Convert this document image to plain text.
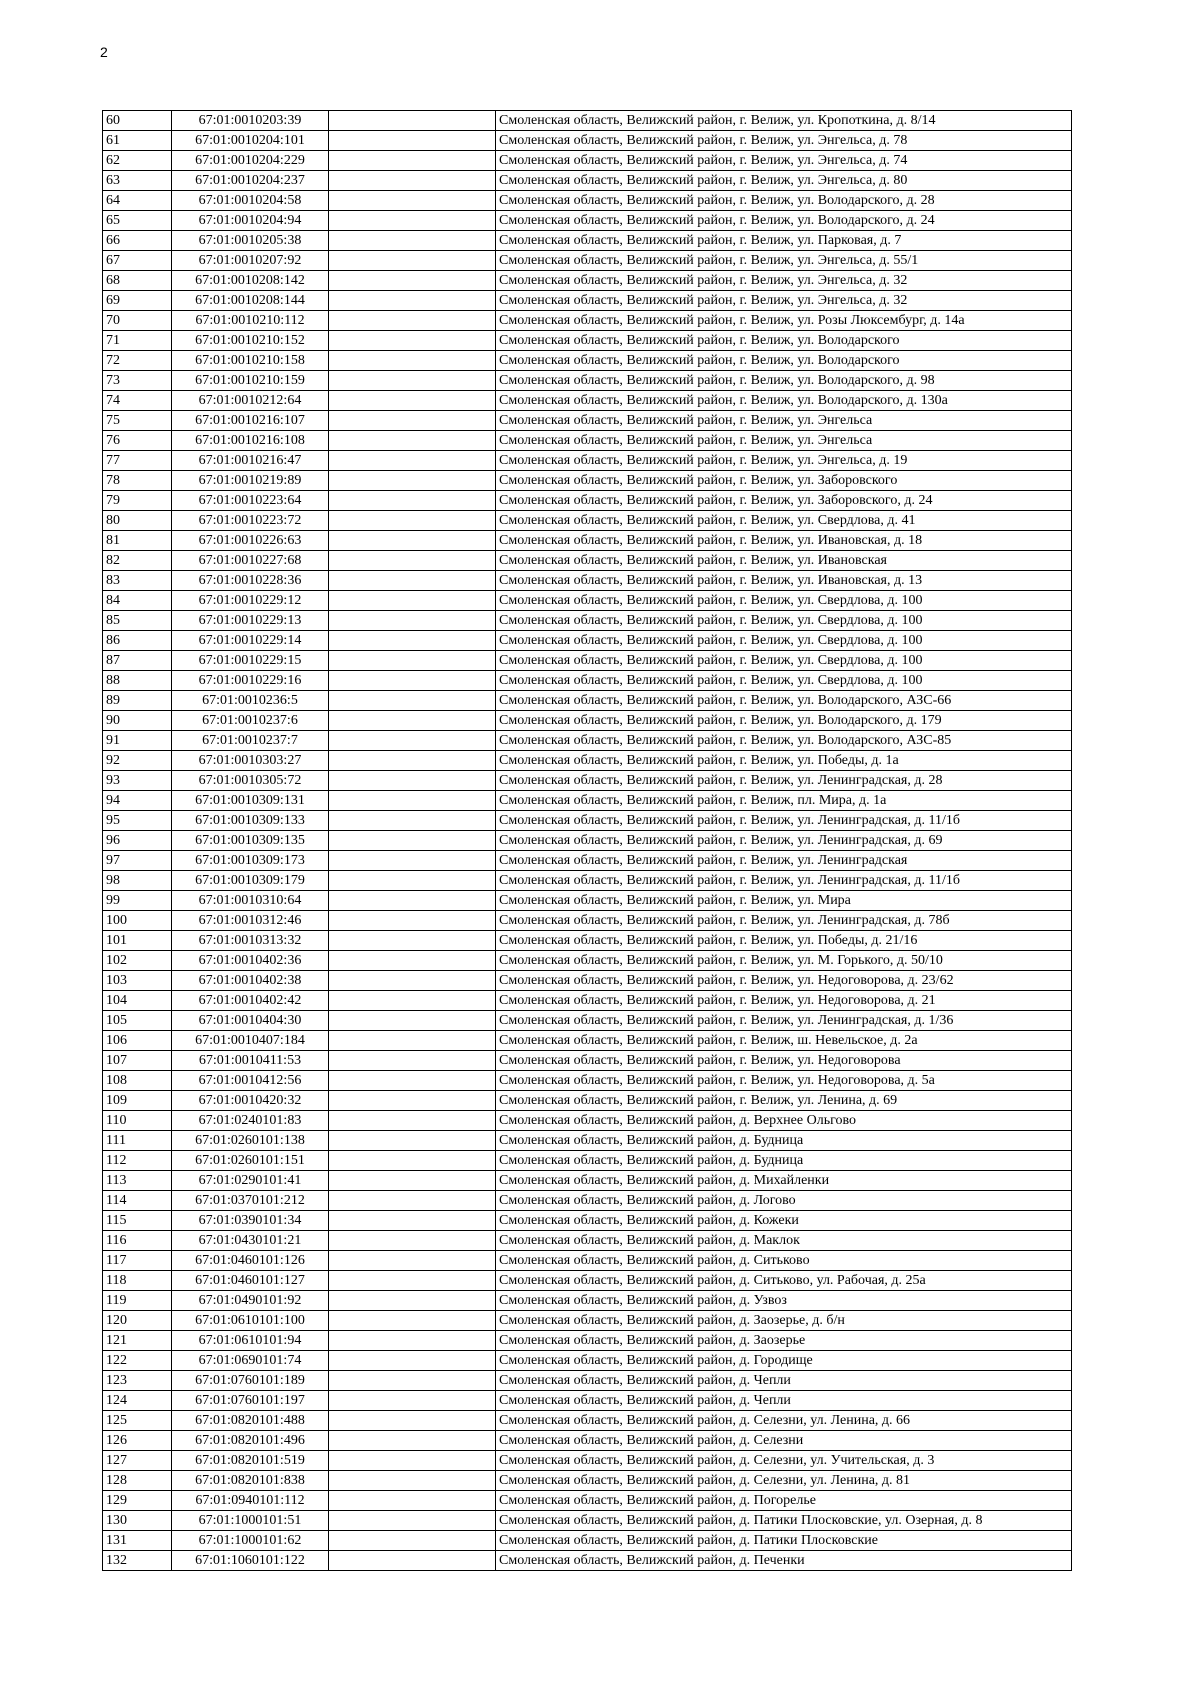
2
60	67:01:0010203:39		Смоленская область, Велижский район, г. Велиж, ул. Кропоткина, д. 8/14
61	67:01:0010204:101		Смоленская область, Велижский район, г. Велиж, ул. Энгельса, д. 78
62	67:01:0010204:229		Смоленская область, Велижский район, г. Велиж, ул. Энгельса, д. 74
63	67:01:0010204:237		Смоленская область, Велижский район, г. Велиж, ул. Энгельса, д. 80
64	67:01:0010204:58		Смоленская область, Велижский район, г. Велиж, ул. Володарского, д. 28
65	67:01:0010204:94		Смоленская область, Велижский район, г. Велиж, ул. Володарского, д. 24
66	67:01:0010205:38		Смоленская область, Велижский район, г. Велиж, ул. Парковая, д. 7
67	67:01:0010207:92		Смоленская область, Велижский район, г. Велиж, ул. Энгельса, д. 55/1
68	67:01:0010208:142		Смоленская область, Велижский район, г. Велиж, ул. Энгельса, д. 32
69	67:01:0010208:144		Смоленская область, Велижский район, г. Велиж, ул. Энгельса, д. 32
70	67:01:0010210:112		Смоленская область, Велижский район, г. Велиж, ул. Розы Люксембург, д. 14а
71	67:01:0010210:152		Смоленская область, Велижский район, г. Велиж, ул. Володарского
72	67:01:0010210:158		Смоленская область, Велижский район, г. Велиж, ул. Володарского
73	67:01:0010210:159		Смоленская область, Велижский район, г. Велиж, ул. Володарского, д. 98
74	67:01:0010212:64		Смоленская область, Велижский район, г. Велиж, ул. Володарского, д. 130а
75	67:01:0010216:107		Смоленская область, Велижский район, г. Велиж, ул. Энгельса
76	67:01:0010216:108		Смоленская область, Велижский район, г. Велиж, ул. Энгельса
77	67:01:0010216:47		Смоленская область, Велижский район, г. Велиж, ул. Энгельса, д. 19
78	67:01:0010219:89		Смоленская область, Велижский район, г. Велиж, ул. Заборовского
79	67:01:0010223:64		Смоленская область, Велижский район, г. Велиж, ул. Заборовского, д. 24
80	67:01:0010223:72		Смоленская область, Велижский район, г. Велиж, ул. Свердлова, д. 41
81	67:01:0010226:63		Смоленская область, Велижский район, г. Велиж, ул. Ивановская, д. 18
82	67:01:0010227:68		Смоленская область, Велижский район, г. Велиж, ул. Ивановская
83	67:01:0010228:36		Смоленская область, Велижский район, г. Велиж, ул. Ивановская, д. 13
84	67:01:0010229:12		Смоленская область, Велижский район, г. Велиж, ул. Свердлова, д. 100
85	67:01:0010229:13		Смоленская область, Велижский район, г. Велиж, ул. Свердлова, д. 100
86	67:01:0010229:14		Смоленская область, Велижский район, г. Велиж, ул. Свердлова, д. 100
87	67:01:0010229:15		Смоленская область, Велижский район, г. Велиж, ул. Свердлова, д. 100
88	67:01:0010229:16		Смоленская область, Велижский район, г. Велиж, ул. Свердлова, д. 100
89	67:01:0010236:5		Смоленская область, Велижский район, г. Велиж, ул. Володарского, АЗС-66
90	67:01:0010237:6		Смоленская область, Велижский район, г. Велиж, ул. Володарского, д. 179
91	67:01:0010237:7		Смоленская область, Велижский район, г. Велиж, ул. Володарского, АЗС-85
92	67:01:0010303:27		Смоленская область, Велижский район, г. Велиж, ул. Победы, д. 1а
93	67:01:0010305:72		Смоленская область, Велижский район, г. Велиж, ул. Ленинградская, д. 28
94	67:01:0010309:131		Смоленская область, Велижский район, г. Велиж, пл. Мира, д. 1а
95	67:01:0010309:133		Смоленская область, Велижский район, г. Велиж, ул. Ленинградская, д. 11/1б
96	67:01:0010309:135		Смоленская область, Велижский район, г. Велиж, ул. Ленинградская, д. 69
97	67:01:0010309:173		Смоленская область, Велижский район, г. Велиж, ул. Ленинградская
98	67:01:0010309:179		Смоленская область, Велижский район, г. Велиж, ул. Ленинградская, д. 11/1б
99	67:01:0010310:64		Смоленская область, Велижский район, г. Велиж, ул. Мира
100	67:01:0010312:46		Смоленская область, Велижский район, г. Велиж, ул. Ленинградская, д. 78б
101	67:01:0010313:32		Смоленская область, Велижский район, г. Велиж, ул. Победы, д. 21/16
102	67:01:0010402:36		Смоленская область, Велижский район, г. Велиж, ул. М. Горького, д. 50/10
103	67:01:0010402:38		Смоленская область, Велижский район, г. Велиж, ул. Недоговорова, д. 23/62
104	67:01:0010402:42		Смоленская область, Велижский район, г. Велиж, ул. Недоговорова, д. 21
105	67:01:0010404:30		Смоленская область, Велижский район, г. Велиж, ул. Ленинградская, д. 1/36
106	67:01:0010407:184		Смоленская область, Велижский район, г. Велиж, ш. Невельское, д. 2а
107	67:01:0010411:53		Смоленская область, Велижский район, г. Велиж, ул. Недоговорова
108	67:01:0010412:56		Смоленская область, Велижский район, г. Велиж, ул. Недоговорова, д. 5а
109	67:01:0010420:32		Смоленская область, Велижский район, г. Велиж, ул. Ленина, д. 69
110	67:01:0240101:83		Смоленская область, Велижский район, д. Верхнее Ольгово
111	67:01:0260101:138		Смоленская область, Велижский район, д. Будница
112	67:01:0260101:151		Смоленская область, Велижский район, д. Будница
113	67:01:0290101:41		Смоленская область, Велижский район, д. Михайленки
114	67:01:0370101:212		Смоленская область, Велижский район, д. Логово
115	67:01:0390101:34		Смоленская область, Велижский район, д. Кожеки
116	67:01:0430101:21		Смоленская область, Велижский район, д. Маклок
117	67:01:0460101:126		Смоленская область, Велижский район, д. Ситьково
118	67:01:0460101:127		Смоленская область, Велижский район, д. Ситьково, ул. Рабочая, д. 25а
119	67:01:0490101:92		Смоленская область, Велижский район, д. Узвоз
120	67:01:0610101:100		Смоленская область, Велижский район, д. Заозерье, д. б/н
121	67:01:0610101:94		Смоленская область, Велижский район, д. Заозерье
122	67:01:0690101:74		Смоленская область, Велижский район, д. Городище
123	67:01:0760101:189		Смоленская область, Велижский район, д. Чепли
124	67:01:0760101:197		Смоленская область, Велижский район, д. Чепли
125	67:01:0820101:488		Смоленская область, Велижский район, д. Селезни, ул. Ленина, д. 66
126	67:01:0820101:496		Смоленская область, Велижский район, д. Селезни
127	67:01:0820101:519		Смоленская область, Велижский район, д. Селезни, ул. Учительская, д. 3
128	67:01:0820101:838		Смоленская область, Велижский район, д. Селезни, ул. Ленина, д. 81
129	67:01:0940101:112		Смоленская область, Велижский район, д. Погорелье
130	67:01:1000101:51		Смоленская область, Велижский район, д. Патики Плосковские, ул. Озерная, д. 8
131	67:01:1000101:62		Смоленская область, Велижский район, д. Патики Плосковские
132	67:01:1060101:122		Смоленская область, Велижский район, д. Печенки
